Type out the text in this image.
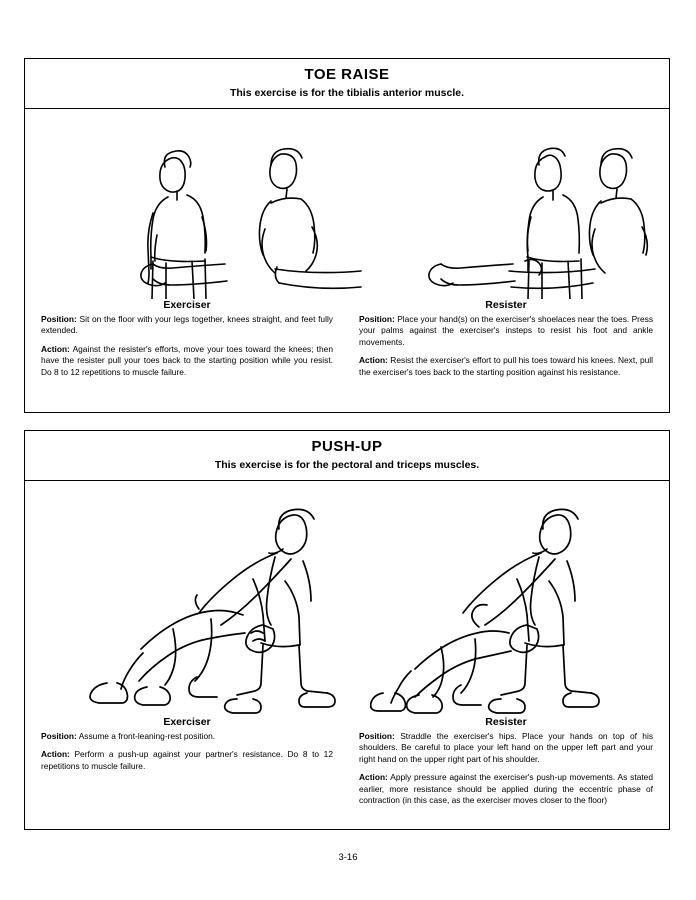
TOE RAISE
This exercise is for the tibialis anterior muscle.
Exerciser

Position: Sit on the floor with your legs together, knees straight, and feet fully extended.

Action: Against the resister's efforts, move your toes toward the knees; then have the resister pull your toes back to the starting position while you resist. Do 8 to 12 repetitions to muscle failure.

Resister

Position: Place your hand(s) on the exerciser's shoelaces near the toes. Press your palms against the exerciser's insteps to resist his foot and ankle movements.

Action: Resist the exerciser's effort to pull his toes toward his knees. Next, pull the exerciser's toes back to the starting position against his resistance.

PUSH-UP
This exercise is for the pectoral and triceps muscles.
Exerciser

Position: Assume a front-leaning-rest position.

Action: Perform a push-up against your partner's resistance. Do 8 to 12 repetitions to muscle failure.

Resister

Position: Straddle the exerciser's hips. Place your hands on top of his shoulders. Be careful to place your left hand on the upper left part and your right hand on the upper right part of his shoulder.

Action: Apply pressure against the exerciser's push-up movements. As stated earlier, more resistance should be applied during the eccentric phase of contraction (in this case, as the exerciser moves closer to the floor)

3-16
